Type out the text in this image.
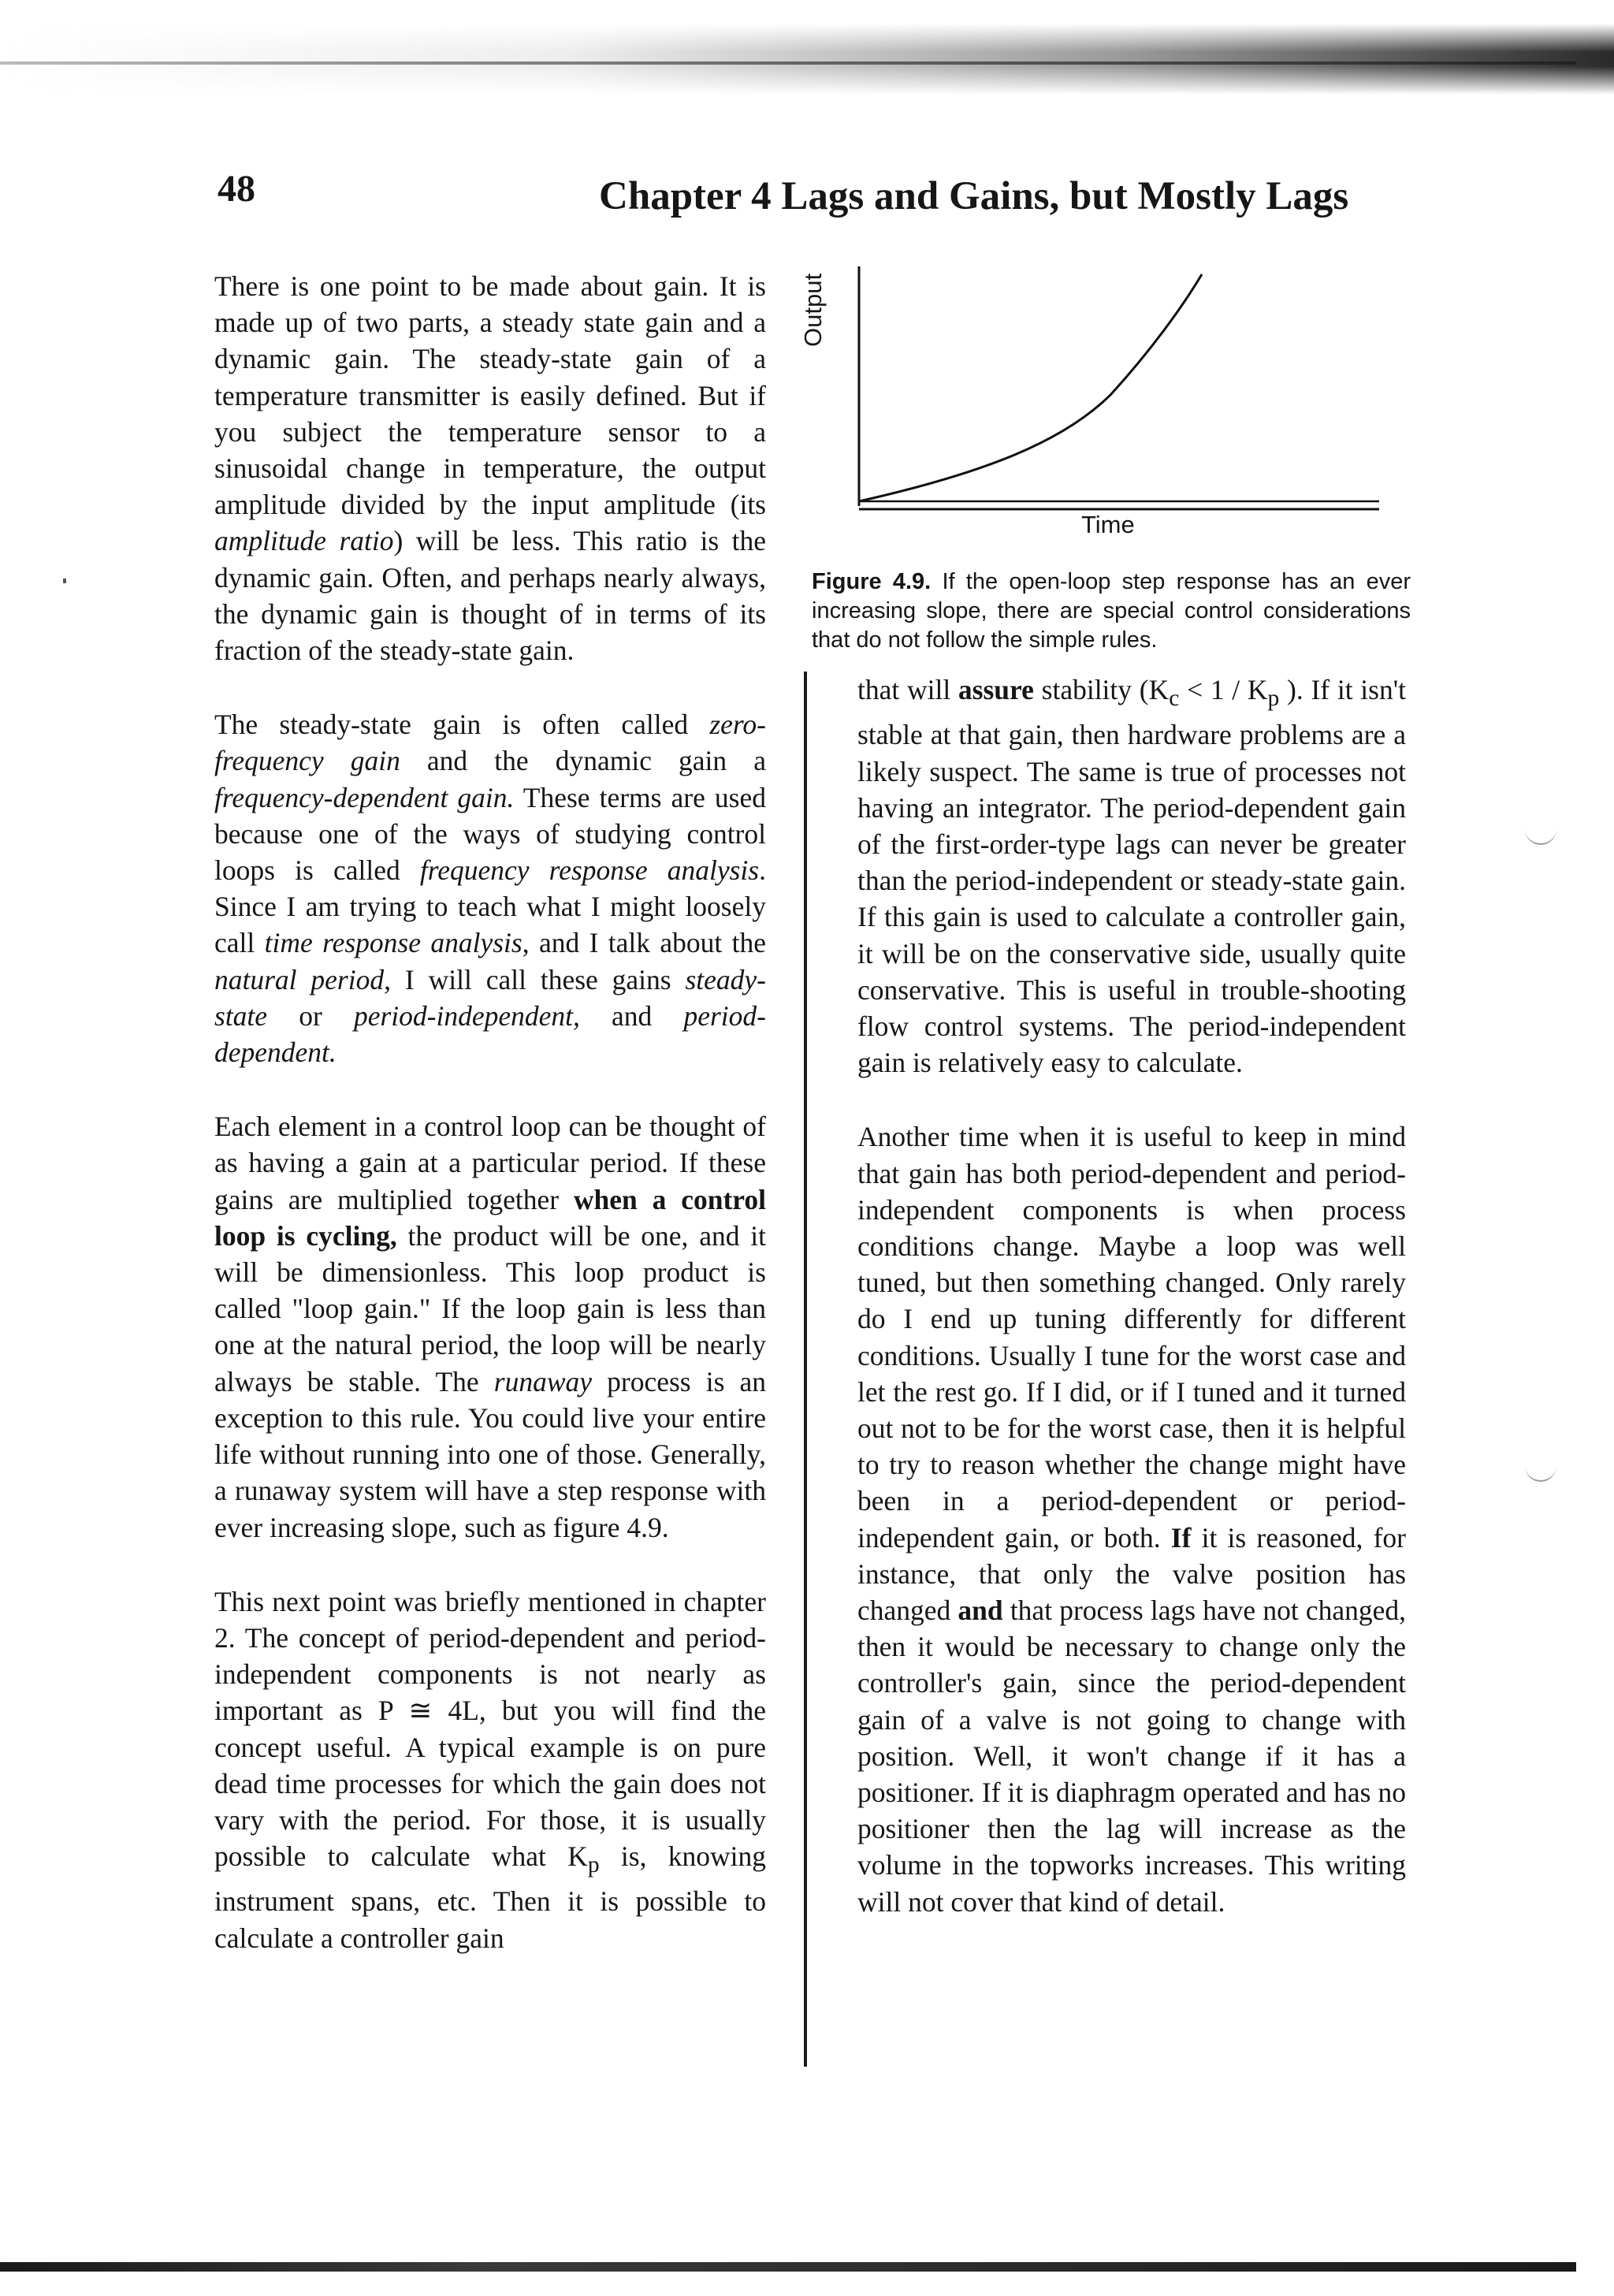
48	Chapter 4 Lags and Gains, but Mostly Lags
Output
Time
Figure 4.9. If the open-loop step response has an ever increasing slope, there are special control considerations that do not follow the simple rules.

There is one point to be made about gain. It is made up of two parts, a steady state gain and a dynamic gain. The steady-state gain of a temperature transmitter is easily defined. But if you subject the temperature sensor to a sinusoidal change in temperature, the output amplitude divided by the input amplitude (its amplitude ratio) will be less. This ratio is the dynamic gain. Often, and perhaps nearly always, the dynamic gain is thought of in terms of its fraction of the steady-state gain.

The steady-state gain is often called zero-frequency gain and the dynamic gain a frequency-dependent gain. These terms are used because one of the ways of studying control loops is called frequency response analysis. Since I am trying to teach what I might loosely call time response analysis, and I talk about the natural period, I will call these gains steady-state or period-independent, and period-dependent.

Each element in a control loop can be thought of as having a gain at a particular period. If these gains are multiplied together when a control loop is cycling, the product will be one, and it will be dimensionless. This loop product is called "loop gain." If the loop gain is less than one at the natural period, the loop will be nearly always be stable. The runaway process is an exception to this rule. You could live your entire life without running into one of those. Generally, a runaway system will have a step response with ever increasing slope, such as figure 4.9.

This next point was briefly mentioned in chapter 2. The concept of period-dependent and period-independent components is not nearly as important as P ≅ 4L, but you will find the concept useful. A typical example is on pure dead time processes for which the gain does not vary with the period. For those, it is usually possible to calculate what $K_p$ is, knowing instrument spans, etc. Then it is possible to calculate a controller gain

that will assure stability ($K_c < 1 / K_p$ ). If it isn't stable at that gain, then hardware problems are a likely suspect. The same is true of processes not having an integrator. The period-dependent gain of the first-order-type lags can never be greater than the period-independent or steady-state gain. If this gain is used to calculate a controller gain, it will be on the conservative side, usually quite conservative. This is useful in trouble-shooting flow control systems. The period-independent gain is relatively easy to calculate.

Another time when it is useful to keep in mind that gain has both period-dependent and period-independent components is when process conditions change. Maybe a loop was well tuned, but then something changed. Only rarely do I end up tuning differently for different conditions. Usually I tune for the worst case and let the rest go. If I did, or if I tuned and it turned out not to be for the worst case, then it is helpful to try to reason whether the change might have been in a period-dependent or period-independent gain, or both. If it is reasoned, for instance, that only the valve position has changed and that process lags have not changed, then it would be necessary to change only the controller's gain, since the period-dependent gain of a valve is not going to change with position. Well, it won't change if it has a positioner. If it is diaphragm operated and has no positioner then the lag will increase as the volume in the topworks increases. This writing will not cover that kind of detail.
